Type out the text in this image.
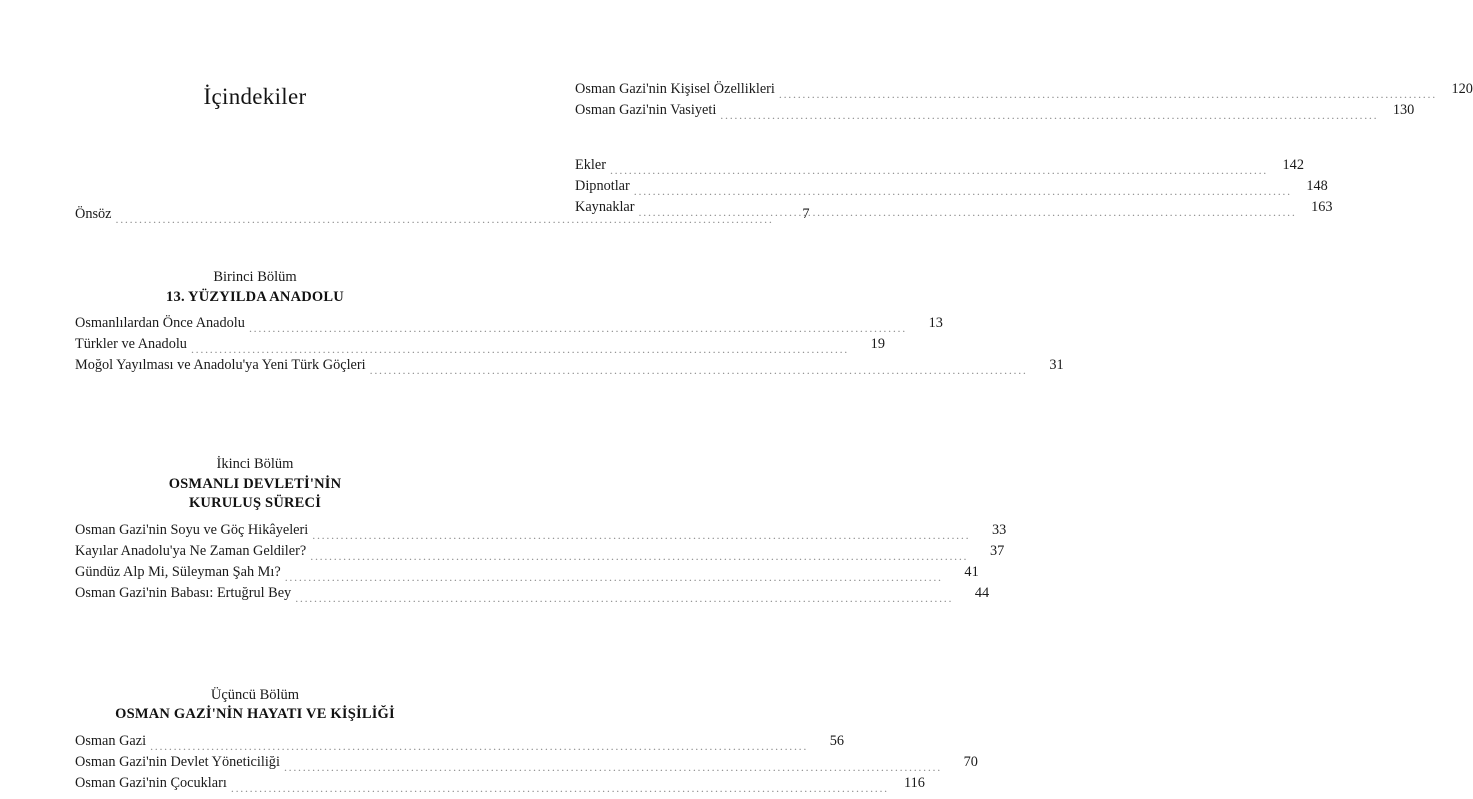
İçindekiler
Önsöz .....	7
Birinci Bölüm
13. YÜZYILDA ANADOLU
Osmanlılardan Önce Anadolu .....	13
Türkler ve Anadolu .....	19
Moğol Yayılması ve Anadolu'ya Yeni Türk Göçleri .....	31
İkinci Bölüm
OSMANLI DEVLETİ'NİN
KURULUŞ SÜRECİ
Osman Gazi'nin Soyu ve Göç Hikâyeleri .....	33
Kayılar Anadolu'ya Ne Zaman Geldiler? .....	37
Gündüz Alp Mi, Süleyman Şah Mı? .....	41
Osman Gazi'nin Babası: Ertuğrul Bey .....	44
Üçüncü Bölüm
OSMAN GAZİ'NİN HAYATI VE KİŞİLİĞİ
Osman Gazi .....	56
Osman Gazi'nin Devlet Yöneticiliği .....	70
Osman Gazi'nin Çocukları .....	116
Osman Gazi'nin Kişisel Özellikleri .....	120
Osman Gazi'nin Vasiyeti .....	130
Ekler .....	142
Dipnotlar .....	148
Kaynaklar .....	163
